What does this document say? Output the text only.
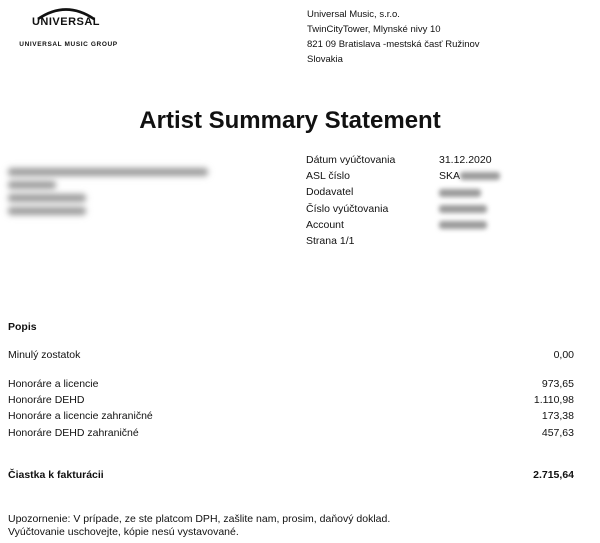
UNIVERSAL
UNIVERSAL MUSIC GROUP
Universal Music, s.r.o.
TwinCityTower, Mlynské nivy 10
821 09 Bratislava -mestská časť Ružinov
Slovakia
Artist Summary Statement
Dátum vyúčtovania	31.12.2020
ASL číslo	SKA
Dodavatel
Číslo vyúčtovania
Account
Strana 1/1
Popis
Minulý zostatok	0,00
Honoráre a licencie	973,65
Honoráre DEHD	1.110,98
Honoráre a licencie zahraničné	173,38
Honoráre DEHD zahraničné	457,63
Čiastka k fakturácii	2.715,64
Upozornenie: V prípade, ze ste platcom DPH, zašlite nam, prosim, daňový doklad.
Vyúčtovanie uschovejte, kópie nesú vystavované.
